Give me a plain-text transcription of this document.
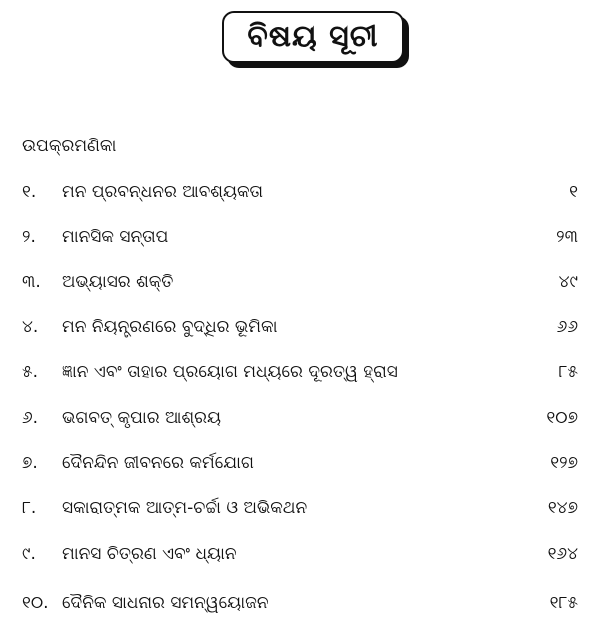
ବିଷୟ ସୂଚୀ
ଉପକ୍ରମଣିକା
୧. ମନ ପ୍ରବନ୍ଧନର ଆବଶ୍ୟକତା	୧
୨. ମାନସିକ ସନ୍ତାପ	୨୩
୩. ଅଭ୍ୟାସର ଶକ୍ତି	୪୯
୪. ମନ ନିୟନ୍ତ୍ରଣରେ ବୁଦ୍ଧିର ଭୂମିକା	୬୬
୫. ଜ୍ଞାନ ଏବଂ ତାହାର ପ୍ରୟୋଗ ମଧ୍ୟରେ ଦୂରତ୍ୱ ହ୍ରାସ	୮୫
୬. ଭଗବତ୍ କୃପାର ଆଶ୍ରୟ	୧୦୭
୭. ଦୈନନ୍ଦିନ ଜୀବନରେ କର୍ମଯୋଗ	୧୨୭
୮. ସକାରାତ୍ମକ ଆତ୍ମ-ଚର୍ଚ୍ଚା ଓ ଅଭିକଥନ	୧୪୭
୯. ମାନସ ଚିତ୍ରଣ ଏବଂ ଧ୍ୟାନ	୧୬୪
୧୦. ଦୈନିକ ସାଧନାର ସମନ୍ୱୟୋଜନ	୧୮୫
